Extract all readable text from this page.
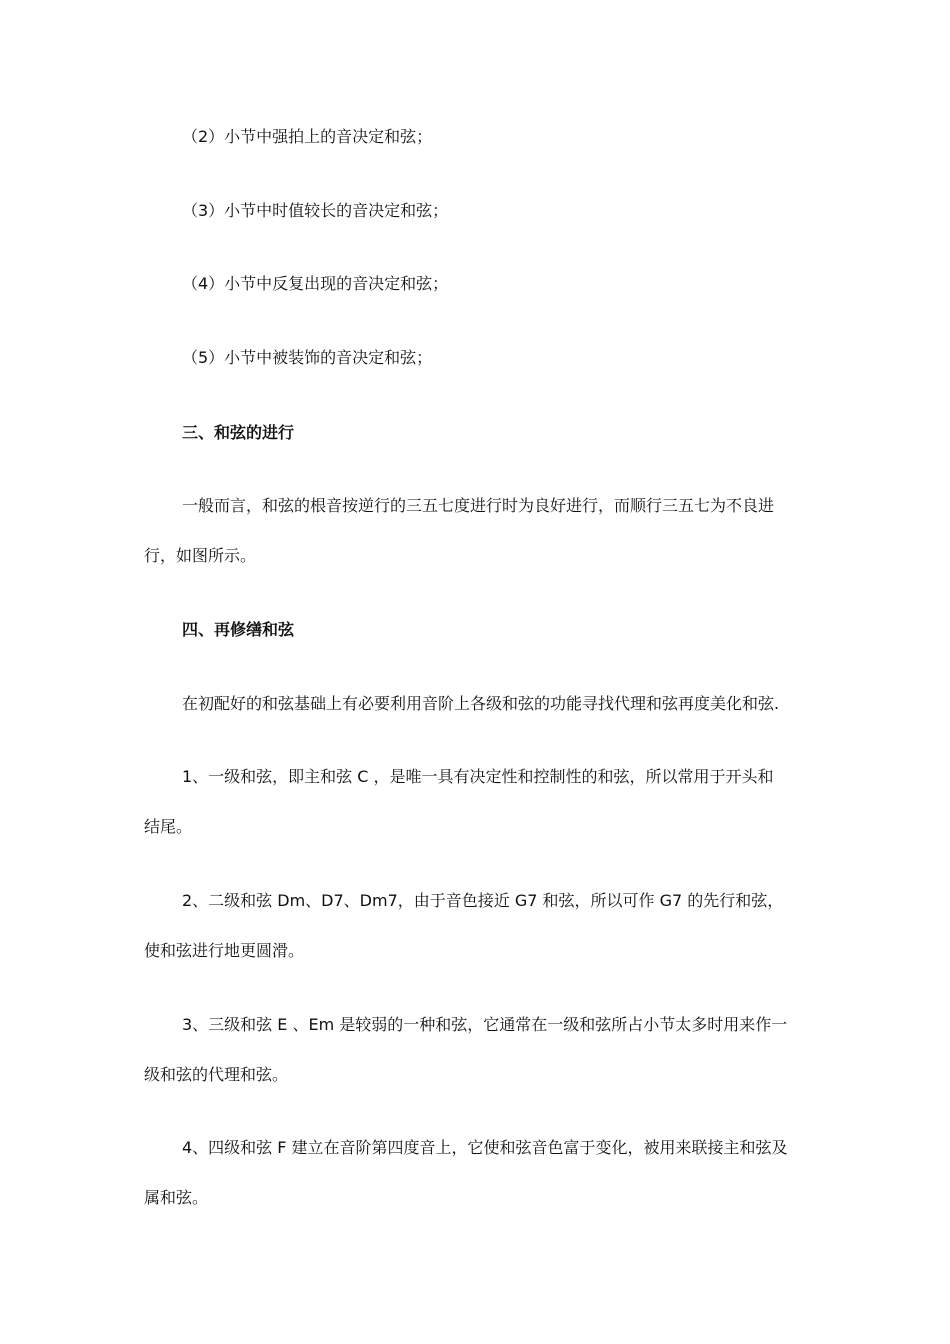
（2）小节中强拍上的音决定和弦；
（3）小节中时值较长的音决定和弦；
（4）小节中反复出现的音决定和弦；
（5）小节中被装饰的音决定和弦；
三、和弦的进行
一般而言，和弦的根音按逆行的三五七度进行时为良好进行，而顺行三五七为不良进
行，如图所示。
四、再修缮和弦
在初配好的和弦基础上有必要利用音阶上各级和弦的功能寻找代理和弦再度美化和弦.
1、一级和弦，即主和弦 C ，是唯一具有决定性和控制性的和弦，所以常用于开头和
结尾。
2、二级和弦 Dm、D7、Dm7，由于音色接近 G7 和弦，所以可作 G7 的先行和弦，
使和弦进行地更圆滑。
3、三级和弦 E 、Em 是较弱的一种和弦，它通常在一级和弦所占小节太多时用来作一
级和弦的代理和弦。
4、四级和弦 F 建立在音阶第四度音上，它使和弦音色富于变化，被用来联接主和弦及
属和弦。
